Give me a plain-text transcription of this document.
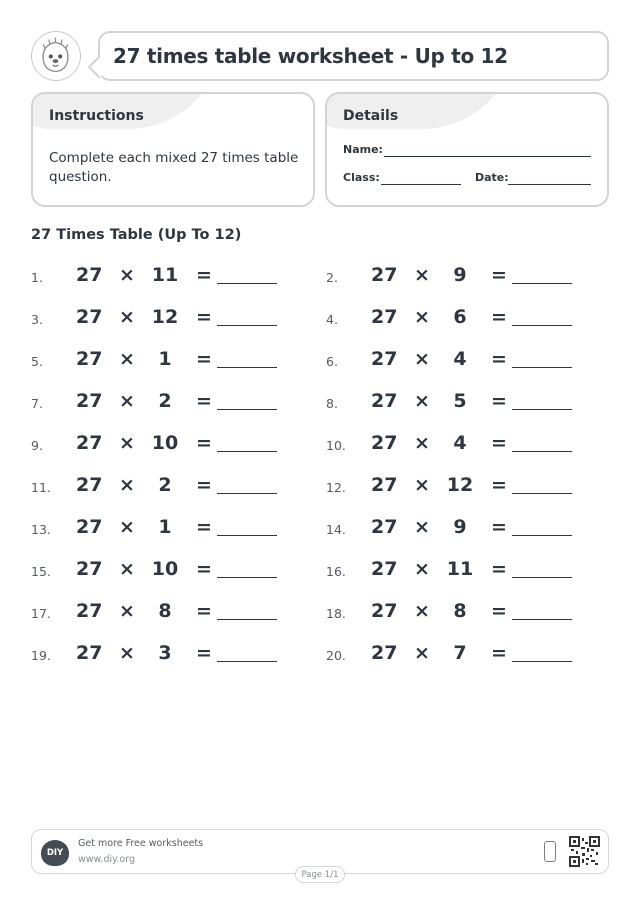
27 times table worksheet - Up to 12
Instructions
Complete each mixed 27 times table question.
Details
Name:
Class:	Date:
27 Times Table (Up To 12)
1. 27 × 11 =	2. 27 ×	9	=
3. 27 × 12 =	4. 27 ×	6	=
5. 27 ×	1	=	6. 27 ×	4	=
7. 27 ×	2	=	8. 27 ×	5	=
9. 27 × 10 =	10. 27 ×	4	=
11. 27 ×	2	=	12. 27 × 12 =
13. 27 ×	1	=	14. 27 ×	9	=
15. 27 × 10 =	16. 27 × 11 =
17. 27 ×	8	=	18. 27 ×	8	=
19. 27 ×	3	=	20. 27 ×	7	=
DIY
Get more Free worksheets
www.diy.org
Page 1/1
